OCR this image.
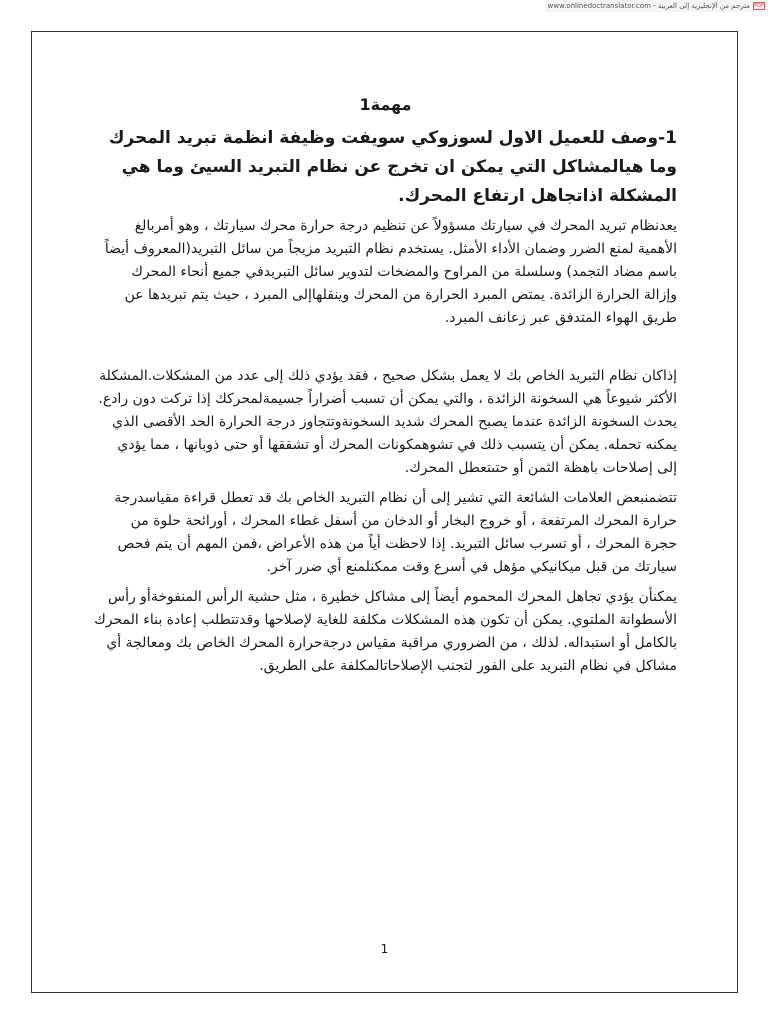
PDF
مترجم من الإنجليزية إلى العربية - www.onlinedoctranslator.com

مهمة1

1-وصف للعميل الاول لسوزوكي سويفت وظيفة انظمة تبريد المحرك وما هيالمشاكل التي يمكن ان تخرج عن نظام التبريد السيئ وما هي المشكلة اذاتجاهل ارتفاع المحرك.

يعدنظام تبريد المحرك في سيارتك مسؤولاً عن تنظيم درجة حرارة محرك سيارتك ، وهو أمربالغ الأهمية لمنع الضرر وضمان الأداء الأمثل. يستخدم نظام التبريد مزيجاً من سائل التبريد(المعروف أيضاً باسم مضاد التجمد) وسلسلة من المراوح والمضخات لتدوير سائل التبريدفي جميع أنحاء المحرك وإزالة الحرارة الزائدة. يمتص المبرد الحرارة من المحرك وينقلهاإلى المبرد ، حيث يتم تبريدها عن طريق الهواء المتدفق عبر زعانف المبرد.

إذاكان نظام التبريد الخاص بك لا يعمل بشكل صحيح ، فقد يؤدي ذلك إلى عدد من المشكلات.المشكلة الأكثر شيوعاً هي السخونة الزائدة ، والتي يمكن أن تسبب أضراراً جسيمةلمحركك إذا تركت دون رادع. يحدث السخونة الزائدة عندما يصبح المحرك شديد السخونةوتتجاوز درجة الحرارة الحد الأقصى الذي يمكنه تحمله. يمكن أن يتسبب ذلك في تشوهمكونات المحرك أو تشققها أو حتى ذوبانها ، مما يؤدي إلى إصلاحات باهظة الثمن أو حتىتعطل المحرك.

تتضمنبعض العلامات الشائعة التي تشير إلى أن نظام التبريد الخاص بك قد تعطل قراءة مقياسدرجة حرارة المحرك المرتفعة ، أو خروج البخار أو الدخان من أسفل غطاء المحرك ، أورائحة حلوة من حجرة المحرك ، أو تسرب سائل التبريد. إذا لاحظت أياً من هذه الأعراض ،فمن المهم أن يتم فحص سيارتك من قبل ميكانيكي مؤهل في أسرع وقت ممكنلمنع أي ضرر آخر.

يمكنأن يؤدي تجاهل المحرك المحموم أيضاً إلى مشاكل خطيرة ، مثل حشية الرأس المنفوخةأو رأس الأسطوانة الملتوي. يمكن أن تكون هذه المشكلات مكلفة للغاية لإصلاحها وقدتتطلب إعادة بناء المحرك بالكامل أو استبداله. لذلك ، من الضروري مراقبة مقياس درجةحرارة المحرك الخاص بك ومعالجة أي مشاكل في نظام التبريد على الفور لتجنب الإصلاحاتالمكلفة على الطريق.

1
